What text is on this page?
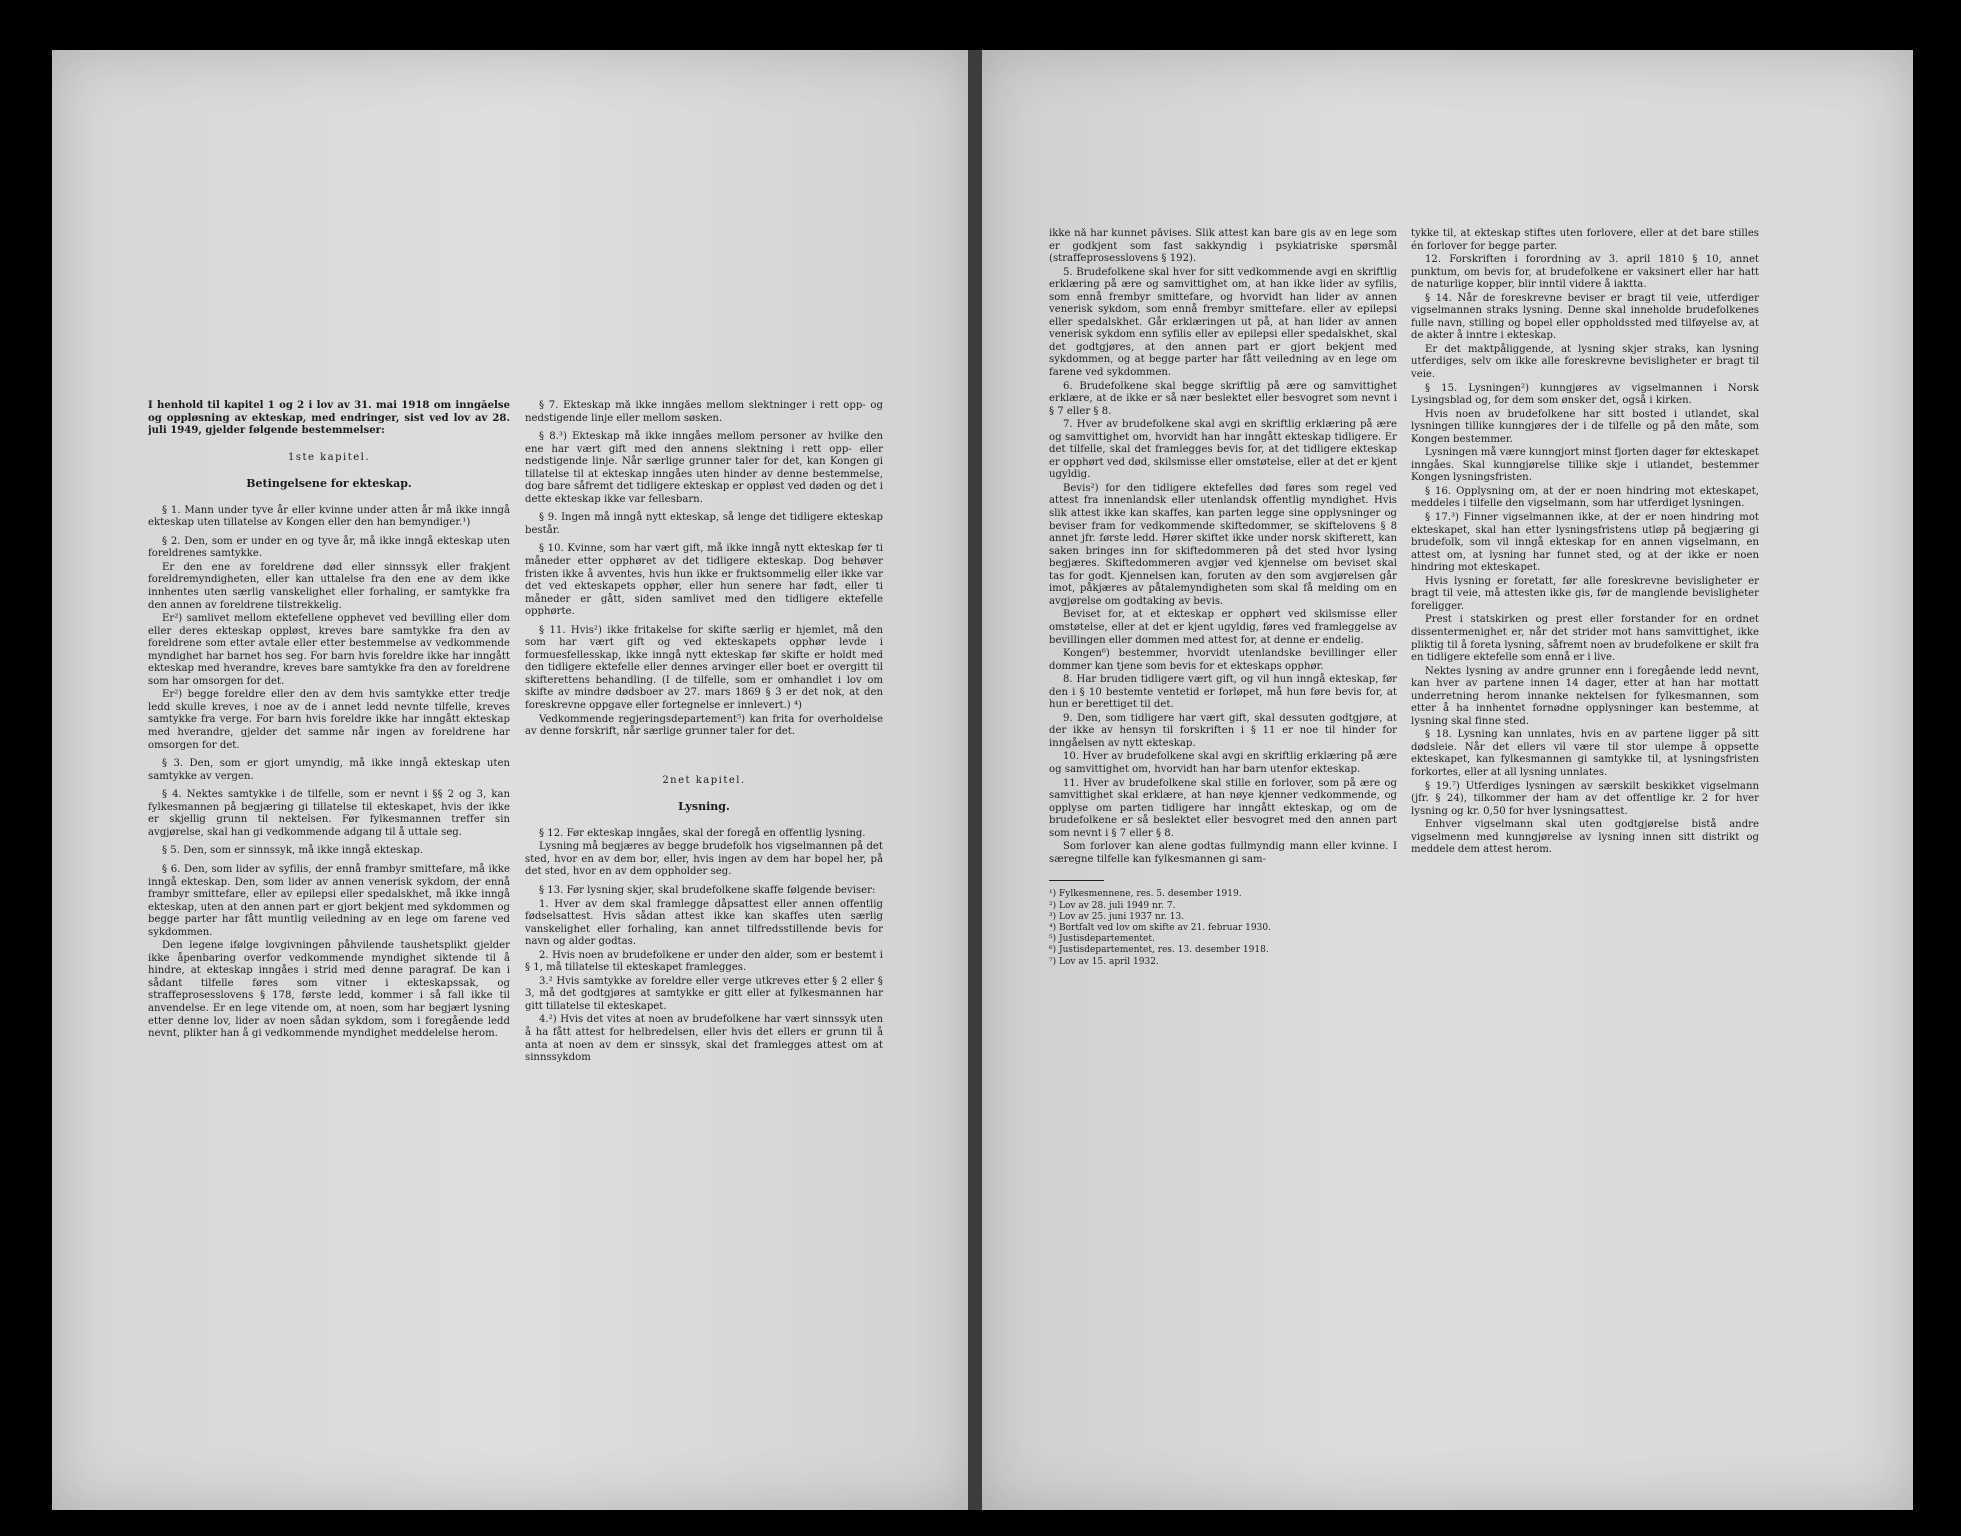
I henhold til kapitel 1 og 2 i lov av 31. mai 1918 om inngåelse og oppløsning av ekteskap, med endringer, sist ved lov av 28. juli 1949, gjelder følgende bestemmelser:

1ste kapitel.
Betingelsene for ekteskap.

§ 1. Mann under tyve år eller kvinne under atten år må ikke inngå ekteskap uten tillatelse av Kongen eller den han bemyndiger.¹)

§ 2. Den, som er under en og tyve år, må ikke inngå ekteskap uten foreldrenes samtykke.

Er den ene av foreldrene død eller sinnssyk eller frakjent foreldremyndigheten, eller kan uttalelse fra den ene av dem ikke innhentes uten særlig vanskelighet eller forhaling, er samtykke fra den annen av foreldrene tilstrekkelig.

Er²) samlivet mellom ektefellene opphevet ved bevilling eller dom eller deres ekteskap oppløst, kreves bare samtykke fra den av foreldrene som etter avtale eller etter bestemmelse av vedkommende myndighet har barnet hos seg. For barn hvis foreldre ikke har inngått ekteskap med hverandre, kreves bare samtykke fra den av foreldrene som har omsorgen for det.

Er²) begge foreldre eller den av dem hvis samtykke etter tredje ledd skulle kreves, i noe av de i annet ledd nevnte tilfelle, kreves samtykke fra verge. For barn hvis foreldre ikke har inngått ekteskap med hverandre, gjelder det samme når ingen av foreldrene har omsorgen for det.

§ 3. Den, som er gjort umyndig, må ikke inngå ekteskap uten samtykke av vergen.

§ 4. Nektes samtykke i de tilfelle, som er nevnt i §§ 2 og 3, kan fylkesmannen på begjæring gi tillatelse til ekteskapet, hvis der ikke er skjellig grunn til nektelsen. Før fylkesmannen treffer sin avgjørelse, skal han gi vedkommende adgang til å uttale seg.

§ 5. Den, som er sinnssyk, må ikke inngå ekteskap.

§ 6. Den, som lider av syfilis, der ennå frambyr smittefare, må ikke inngå ekteskap. Den, som lider av annen venerisk sykdom, der ennå frambyr smittefare, eller av epilepsi eller spedalskhet, må ikke inngå ekteskap, uten at den annen part er gjort bekjent med sykdommen og begge parter har fått muntlig veiledning av en lege om farene ved sykdommen.

Den legene ifølge lovgivningen påhvilende taushetsplikt gjelder ikke åpenbaring overfor vedkommende myndighet siktende til å hindre, at ekteskap inngåes i strid med denne paragraf. De kan i sådant tilfelle føres som vitner i ekteskapssak, og straffeprosesslovens § 178, første ledd, kommer i så fall ikke til anvendelse. Er en lege vitende om, at noen, som har begjært lysning etter denne lov, lider av noen sådan sykdom, som i foregående ledd nevnt, plikter han å gi vedkommende myndighet meddelelse herom.

§ 7. Ekteskap må ikke inngåes mellom slektninger i rett opp- og nedstigende linje eller mellom søsken.

§ 8.³) Ekteskap må ikke inngåes mellom personer av hvilke den ene har vært gift med den annens slektning i rett opp- eller nedstigende linje. Når særlige grunner taler for det, kan Kongen gi tillatelse til at ekteskap inngåes uten hinder av denne bestemmelse, dog bare såfremt det tidligere ekteskap er oppløst ved døden og det i dette ekteskap ikke var fellesbarn.

§ 9. Ingen må inngå nytt ekteskap, så lenge det tidligere ekteskap består.

§ 10. Kvinne, som har vært gift, må ikke inngå nytt ekteskap før ti måneder etter opphøret av det tidligere ekteskap. Dog behøver fristen ikke å avventes, hvis hun ikke er fruktsommelig eller ikke var det ved ekteskapets opphør, eller hun senere har født, eller ti måneder er gått, siden samlivet med den tidligere ektefelle opphørte.

§ 11. Hvis²) ikke fritakelse for skifte særlig er hjemlet, må den som har vært gift og ved ekteskapets opphør levde i formuesfellesskap, ikke inngå nytt ekteskap før skifte er holdt med den tidligere ektefelle eller dennes arvinger eller boet er overgitt til skifterettens behandling. (I de tilfelle, som er omhandlet i lov om skifte av mindre dødsboer av 27. mars 1869 § 3 er det nok, at den foreskrevne oppgave eller fortegnelse er innlevert.) ⁴)

Vedkommende regjeringsdepartement⁵) kan frita for overholdelse av denne forskrift, når særlige grunner taler for det.

2net kapitel.
Lysning.

§ 12. Før ekteskap inngåes, skal der foregå en offentlig lysning.

Lysning må begjæres av begge brudefolk hos vigselmannen på det sted, hvor en av dem bor, eller, hvis ingen av dem har bopel her, på det sted, hvor en av dem oppholder seg.

§ 13. Før lysning skjer, skal brudefolkene skaffe følgende beviser:

1. Hver av dem skal framlegge dåpsattest eller annen offentlig fødselsattest. Hvis sådan attest ikke kan skaffes uten særlig vanskelighet eller forhaling, kan annet tilfredsstillende bevis for navn og alder godtas.

2. Hvis noen av brudefolkene er under den alder, som er bestemt i § 1, må tillatelse til ekteskapet framlegges.

3.² Hvis samtykke av foreldre eller verge utkreves etter § 2 eller § 3, må det godtgjøres at samtykke er gitt eller at fylkesmannen har gitt tillatelse til ekteskapet.

4.²) Hvis det vites at noen av brudefolkene har vært sinnssyk uten å ha fått attest for helbredelsen, eller hvis det ellers er grunn til å anta at noen av dem er sinssyk, skal det framlegges attest om at sinnssykdom

ikke nå har kunnet påvises. Slik attest kan bare gis av en lege som er godkjent som fast sakkyndig i psykiatriske spørsmål (straffeprosesslovens § 192).

5. Brudefolkene skal hver for sitt vedkommende avgi en skriftlig erklæring på ære og samvittighet om, at han ikke lider av syfilis, som ennå frembyr smittefare, og hvorvidt han lider av annen venerisk sykdom, som ennå frembyr smittefare. eller av epilepsi eller spedalskhet. Går erklæringen ut på, at han lider av annen venerisk sykdom enn syfilis eller av epilepsi eller spedalskhet, skal det godtgjøres, at den annen part er gjort bekjent med sykdommen, og at begge parter har fått veiledning av en lege om farene ved sykdommen.

6. Brudefolkene skal begge skriftlig på ære og samvittighet erklære, at de ikke er så nær beslektet eller besvogret som nevnt i § 7 eller § 8.

7. Hver av brudefolkene skal avgi en skriftlig erklæring på ære og samvittighet om, hvorvidt han har inngått ekteskap tidligere. Er det tilfelle, skal det framlegges bevis for, at det tidligere ekteskap er opphørt ved død, skilsmisse eller omstøtelse, eller at det er kjent ugyldig.

Bevis²) for den tidligere ektefelles død føres som regel ved attest fra innenlandsk eller utenlandsk offentlig myndighet. Hvis slik attest ikke kan skaffes, kan parten legge sine opplysninger og beviser fram for vedkommende skiftedommer, se skiftelovens § 8 annet jfr. første ledd. Hører skiftet ikke under norsk skifterett, kan saken bringes inn for skiftedommeren på det sted hvor lysing begjæres. Skiftedommeren avgjør ved kjennelse om beviset skal tas for godt. Kjennelsen kan, foruten av den som avgjørelsen går imot, påkjæres av påtalemyndigheten som skal få melding om en avgjørelse om godtaking av bevis.

Beviset for, at et ekteskap er opphørt ved skilsmisse eller omstøtelse, eller at det er kjent ugyldig, føres ved framleggelse av bevillingen eller dommen med attest for, at denne er endelig.

Kongen⁶) bestemmer, hvorvidt utenlandske bevillinger eller dommer kan tjene som bevis for et ekteskaps opphør.

8. Har bruden tidligere vært gift, og vil hun inngå ekteskap, før den i § 10 bestemte ventetid er forløpet, må hun føre bevis for, at hun er berettiget til det.

9. Den, som tidligere har vært gift, skal dessuten godtgjøre, at der ikke av hensyn til forskriften i § 11 er noe til hinder for inngåelsen av nytt ekteskap.

10. Hver av brudefolkene skal avgi en skriftlig erklæring på ære og samvittighet om, hvorvidt han har barn utenfor ekteskap.

11. Hver av brudefolkene skal stille en forlover, som på ære og samvittighet skal erklære, at han nøye kjenner vedkommende, og opplyse om parten tidligere har inngått ekteskap, og om de brudefolkene er så beslektet eller besvogret med den annen part som nevnt i § 7 eller § 8.

Som forlover kan alene godtas fullmyndig mann eller kvinne. I særegne tilfelle kan fylkesmannen gi sam-

¹) Fylkesmennene, res. 5. desember 1919.
²) Lov av 28. juli 1949 nr. 7.
³) Lov av 25. juni 1937 nr. 13.
⁴) Bortfalt ved lov om skifte av 21. februar 1930.
⁵) Justisdepartementet.
⁶) Justisdepartementet, res. 13. desember 1918.
⁷) Lov av 15. april 1932.

tykke til, at ekteskap stiftes uten forlovere, eller at det bare stilles én forlover for begge parter.

12. Forskriften i forordning av 3. april 1810 § 10, annet punktum, om bevis for, at brudefolkene er vaksinert eller har hatt de naturlige kopper, blir inntil videre å iaktta.

§ 14. Når de foreskrevne beviser er bragt til veie, utferdiger vigselmannen straks lysning. Denne skal inneholde brudefolkenes fulle navn, stilling og bopel eller oppholdssted med tilføyelse av, at de akter å inntre i ekteskap.

Er det maktpåliggende, at lysning skjer straks, kan lysning utferdiges, selv om ikke alle foreskrevne bevisligheter er bragt til veie.

§ 15. Lysningen²) kunngjøres av vigselmannen i Norsk Lysingsblad og, for dem som ønsker det, også i kirken.

Hvis noen av brudefolkene har sitt bosted i utlandet, skal lysningen tillike kunngjøres der i de tilfelle og på den måte, som Kongen bestemmer.

Lysningen må være kunngjort minst fjorten dager før ekteskapet inngåes. Skal kunngjørelse tillike skje i utlandet, bestemmer Kongen lysningsfristen.

§ 16. Opplysning om, at der er noen hindring mot ekteskapet, meddeles i tilfelle den vigselmann, som har utferdiget lysningen.

§ 17.³) Finner vigselmannen ikke, at der er noen hindring mot ekteskapet, skal han etter lysningsfristens utløp på begjæring gi brudefolk, som vil inngå ekteskap for en annen vigselmann, en attest om, at lysning har funnet sted, og at der ikke er noen hindring mot ekteskapet.

Hvis lysning er foretatt, før alle foreskrevne bevisligheter er bragt til veie, må attesten ikke gis, før de manglende bevisligheter foreligger.

Prest i statskirken og prest eller forstander for en ordnet dissentermenighet er, når det strider mot hans samvittighet, ikke pliktig til å foreta lysning, såfremt noen av brudefolkene er skilt fra en tidligere ektefelle som ennå er i live.

Nektes lysning av andre grunner enn i foregående ledd nevnt, kan hver av partene innen 14 dager, etter at han har mottatt underretning herom innanke nektelsen for fylkesmannen, som etter å ha innhentet fornødne opplysninger kan bestemme, at lysning skal finne sted.

§ 18. Lysning kan unnlates, hvis en av partene ligger på sitt dødsleie. Når det ellers vil være til stor ulempe å oppsette ekteskapet, kan fylkesmannen gi samtykke til, at lysningsfristen forkortes, eller at all lysning unnlates.

§ 19.⁷) Utferdiges lysningen av særskilt beskikket vigselmann (jfr. § 24), tilkommer der ham av det offentlige kr. 2 for hver lysning og kr. 0,50 for hver lysningsattest.

Enhver vigselmann skal uten godtgjørelse bistå andre vigselmenn med kunngjørelse av lysning innen sitt distrikt og meddele dem attest herom.
